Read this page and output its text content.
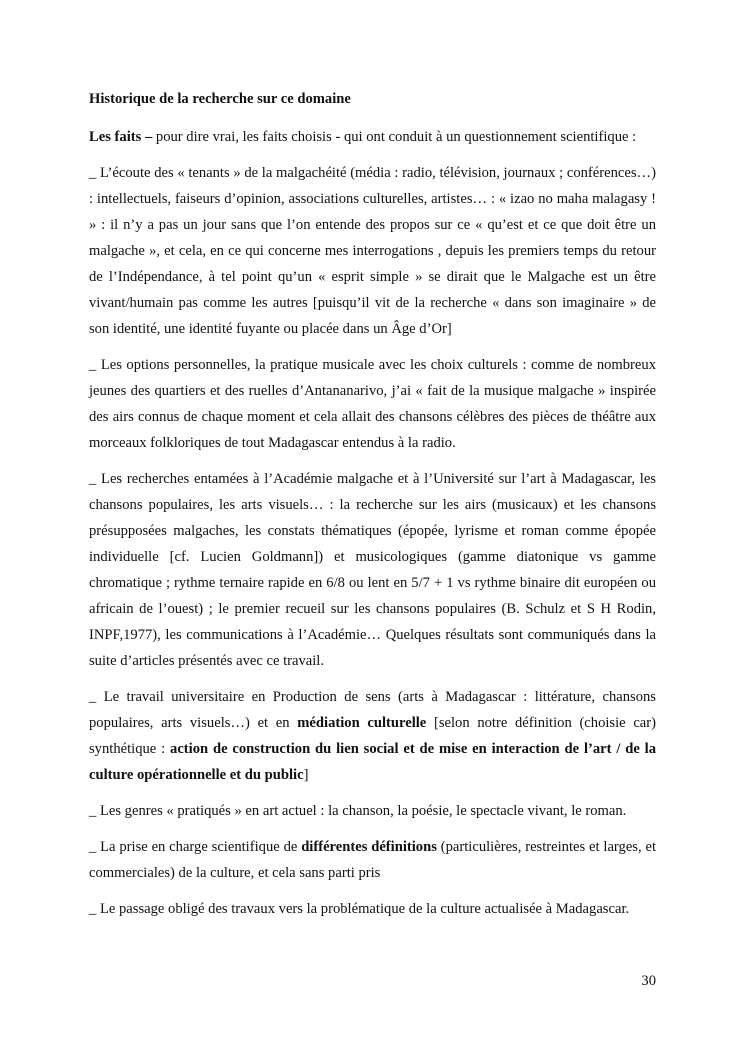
Historique de la recherche sur ce domaine

Les faits – pour dire vrai, les faits choisis - qui ont conduit à un questionnement scientifique :

_ L’écoute des « tenants » de la malgachéité (média : radio, télévision, journaux ; conférences…) : intellectuels, faiseurs d’opinion, associations culturelles, artistes… : « izao no maha malagasy ! » : il n’y a pas un jour sans que l’on entende des propos sur ce « qu’est et ce que doit être un malgache », et cela, en ce qui concerne mes interrogations , depuis les premiers temps du retour de l’Indépendance, à tel point qu’un « esprit simple » se dirait que le Malgache est un être vivant/humain pas comme les autres [puisqu’il vit de la recherche « dans son imaginaire » de son identité, une identité fuyante ou placée dans un Âge d’Or]

_ Les options personnelles, la pratique musicale avec les choix culturels : comme de nombreux jeunes des quartiers et des ruelles d’Antananarivo, j’ai « fait de la musique malgache » inspirée des airs connus de chaque moment et cela allait des chansons célèbres des pièces de théâtre aux morceaux folkloriques de tout Madagascar entendus à la radio.

_ Les recherches entamées à l’Académie malgache et à l’Université sur l’art à Madagascar, les chansons populaires, les arts visuels… : la recherche sur les airs (musicaux) et les chansons présupposées malgaches, les constats thématiques (épopée, lyrisme et roman comme épopée individuelle [cf. Lucien Goldmann]) et musicologiques (gamme diatonique vs gamme chromatique ; rythme ternaire rapide en 6/8 ou lent en 5/7 + 1 vs rythme binaire dit européen ou africain de l’ouest) ; le premier recueil sur les chansons populaires (B. Schulz et S H Rodin, INPF,1977), les communications à l’Académie… Quelques résultats sont communiqués dans la suite d’articles présentés avec ce travail.

_ Le travail universitaire en Production de sens (arts à Madagascar : littérature, chansons populaires, arts visuels…) et en médiation culturelle [selon notre définition (choisie car) synthétique : action de construction du lien social et de mise en interaction de l’art / de la culture opérationnelle et du public]

_ Les genres « pratiqués » en art actuel : la chanson, la poésie, le spectacle vivant, le roman.

_ La prise en charge scientifique de différentes définitions (particulières, restreintes et larges, et commerciales) de la culture, et cela sans parti pris

_ Le passage obligé des travaux vers la problématique de la culture actualisée à Madagascar.

30
